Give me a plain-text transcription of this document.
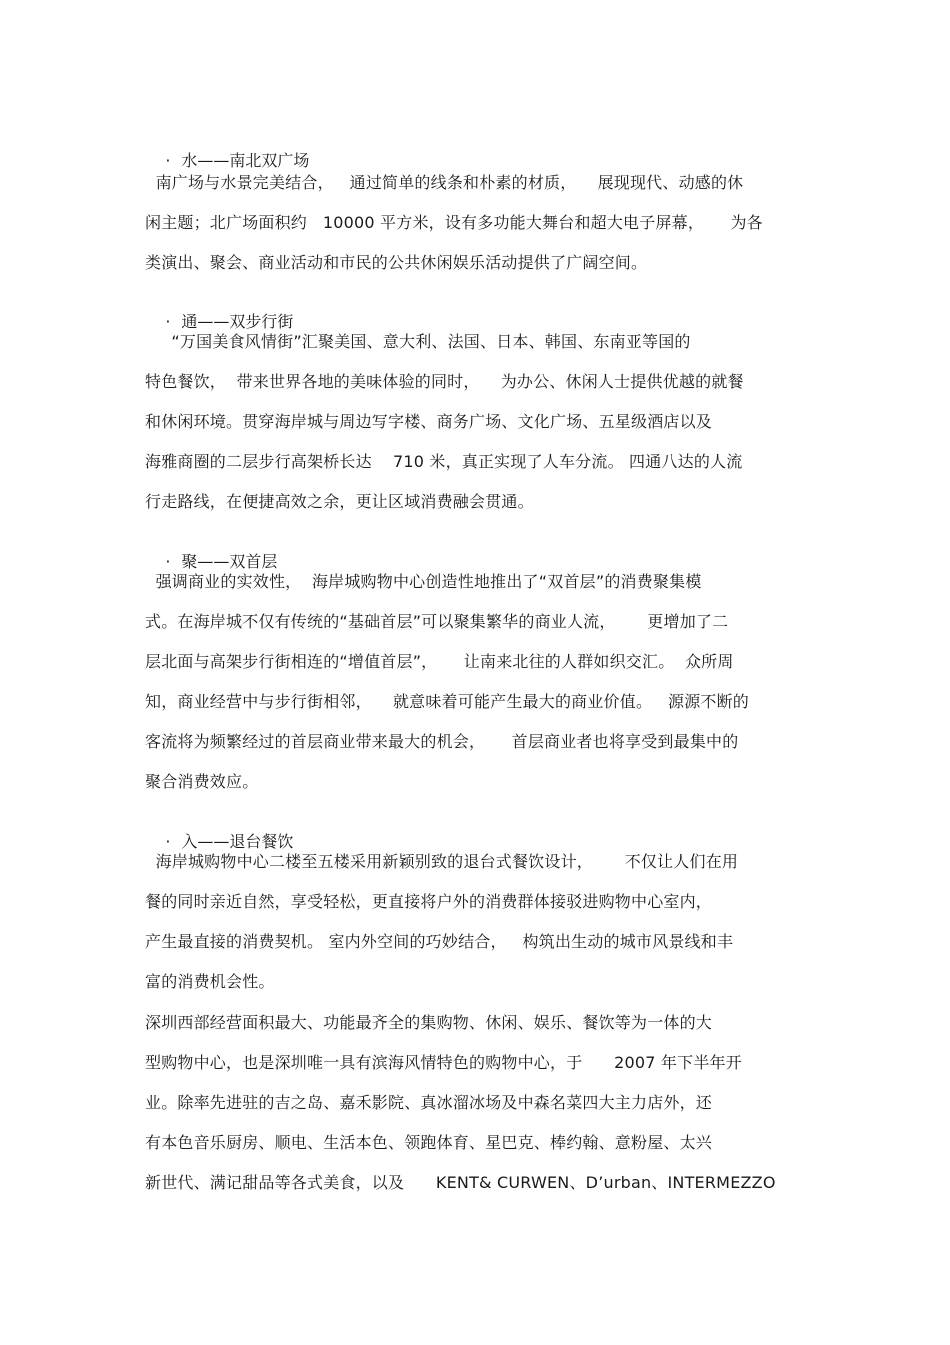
· 水——南北双广场

南广场与水景完美结合，   通过简单的线条和朴素的材质，    展现现代、动感的休
闲主题；北广场面积约   10000 平方米，设有多功能大舞台和超大电子屏幕，     为各
类演出、聚会、商业活动和市民的公共休闲娱乐活动提供了广阔空间。

· 通——双步行街

“万国美食风情街”汇聚美国、意大利、法国、日本、韩国、东南亚等国的
特色餐饮，  带来世界各地的美味体验的同时，    为办公、休闲人士提供优越的就餐
和休闲环境。贯穿海岸城与周边写字楼、商务广场、文化广场、五星级酒店以及
海雅商圈的二层步行高架桥长达    710 米，真正实现了人车分流。 四通八达的人流
行走路线，在便捷高效之余，更让区域消费融会贯通。

· 聚——双首层

强调商业的实效性，  海岸城购物中心创造性地推出了“双首层”的消费聚集模
式。在海岸城不仅有传统的“基础首层”可以聚集繁华的商业人流，      更增加了二
层北面与高架步行街相连的“增值首层”，     让南来北往的人群如织交汇。  众所周
知，商业经营中与步行街相邻，    就意味着可能产生最大的商业价值。   源源不断的
客流将为频繁经过的首层商业带来最大的机会，     首层商业者也将享受到最集中的
聚合消费效应。

· 入——退台餐饮

海岸城购物中心二楼至五楼采用新颖别致的退台式餐饮设计，      不仅让人们在用
餐的同时亲近自然，享受轻松，更直接将户外的消费群体接驳进购物中心室内，
产生最直接的消费契机。 室内外空间的巧妙结合，   构筑出生动的城市风景线和丰
富的消费机会性。
深圳西部经营面积最大、功能最齐全的集购物、休闲、娱乐、餐饮等为一体的大
型购物中心，也是深圳唯一具有滨海风情特色的购物中心，于      2007 年下半年开
业。除率先进驻的吉之岛、嘉禾影院、真冰溜冰场及中森名菜四大主力店外，还
有本色音乐厨房、顺电、生活本色、领跑体育、星巴克、棒约翰、意粉屋、太兴
新世代、满记甜品等各式美食，以及      KENT& CURWEN、D’urban、INTERMEZZO
